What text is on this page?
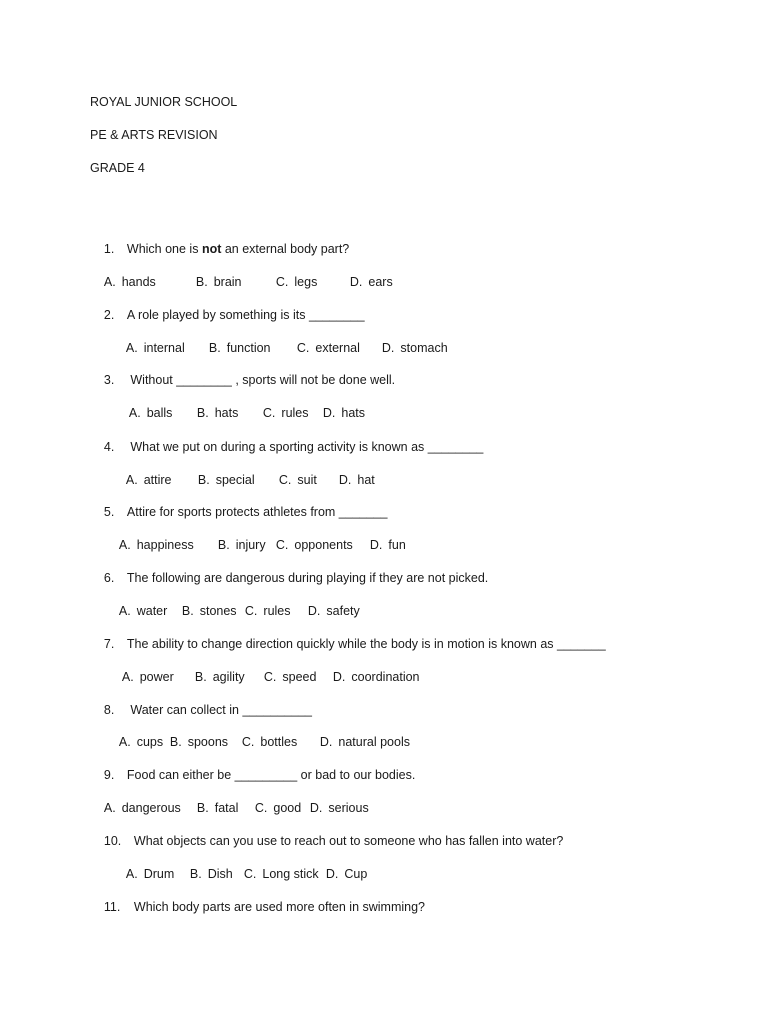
ROYAL JUNIOR SCHOOL
PE & ARTS REVISION
GRADE 4

1. Which one is not an external body part?

A. hands	B. brain	C. legs	D. ears

2. A role played by something is its ________

A. internal B. function C. external D. stomach

3. Without ________ , sports will not be done well.

A. balls B. hats C. rules D. hats

4. What we put on during a sporting activity is known as ________

A. attire B. special C. suit D. hat

5. Attire for sports protects athletes from _______

A. happiness B. injury C. opponents D. fun

6. The following are dangerous during playing if they are not picked.

A. water B. stones C. rules D. safety

7. The ability to change direction quickly while the body is in motion is known as _______

A. power B. agility C. speed D. coordination

8. Water can collect in __________

A. cups B. spoons C. bottles D. natural pools

9. Food can either be _________ or bad to our bodies.

A. dangerous B. fatal C. good D. serious

10. What objects can you use to reach out to someone who has fallen into water?

A. Drum B. Dish C. Long stick D. Cup

11. Which body parts are used more often in swimming?
